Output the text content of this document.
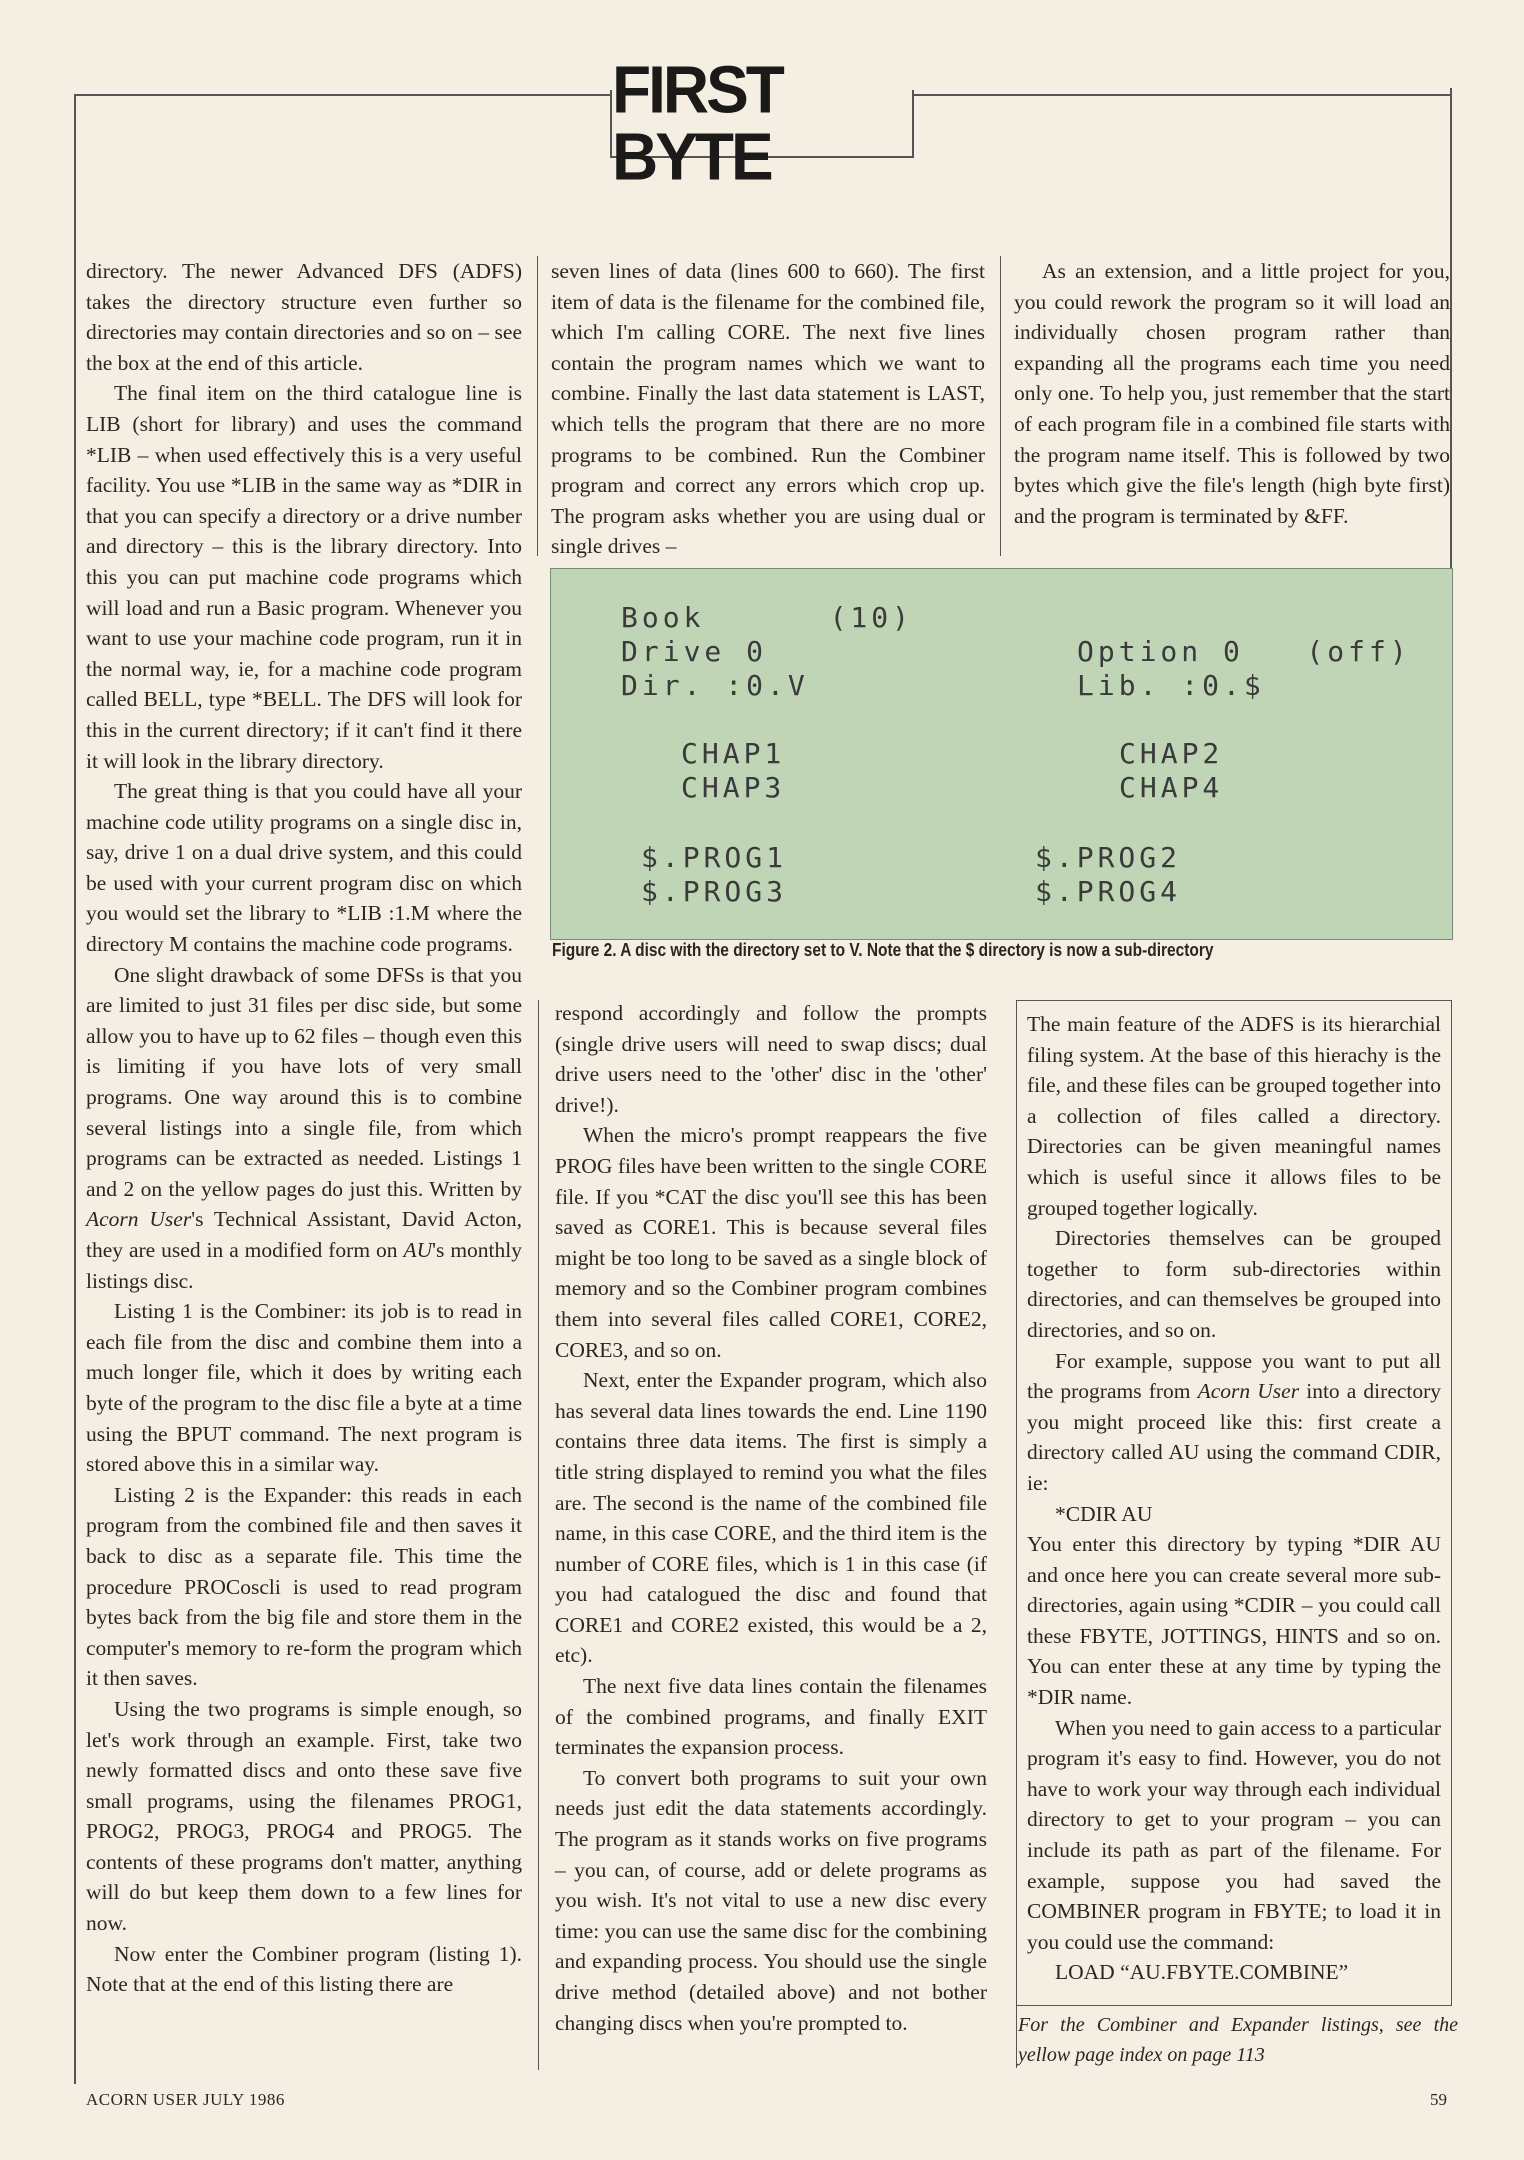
FIRST BYTE

directory. The newer Advanced DFS (ADFS) takes the directory structure even further so directories may contain directories and so on – see the box at the end of this article.

The final item on the third catalogue line is LIB (short for library) and uses the command *LIB – when used effectively this is a very useful facility. You use *LIB in the same way as *DIR in that you can specify a directory or a drive number and directory – this is the library directory. Into this you can put machine code programs which will load and run a Basic program. Whenever you want to use your machine code program, run it in the normal way, ie, for a machine code program called BELL, type *BELL. The DFS will look for this in the current directory; if it can't find it there it will look in the library directory.

The great thing is that you could have all your machine code utility programs on a single disc in, say, drive 1 on a dual drive system, and this could be used with your current program disc on which you would set the library to *LIB :1.M where the directory M contains the machine code programs.

One slight drawback of some DFSs is that you are limited to just 31 files per disc side, but some allow you to have up to 62 files – though even this is limiting if you have lots of very small programs. One way around this is to combine several listings into a single file, from which programs can be extracted as needed. Listings 1 and 2 on the yellow pages do just this. Written by Acorn User's Technical Assistant, David Acton, they are used in a modified form on AU's monthly listings disc.

Listing 1 is the Combiner: its job is to read in each file from the disc and combine them into a much longer file, which it does by writing each byte of the program to the disc file a byte at a time using the BPUT command. The next program is stored above this in a similar way.

Listing 2 is the Expander: this reads in each program from the combined file and then saves it back to disc as a separate file. This time the procedure PROCoscli is used to read program bytes back from the big file and store them in the computer's memory to re-form the program which it then saves.

Using the two programs is simple enough, so let's work through an example. First, take two newly formatted discs and onto these save five small programs, using the filenames PROG1, PROG2, PROG3, PROG4 and PROG5. The contents of these programs don't matter, anything will do but keep them down to a few lines for now.

Now enter the Combiner program (listing 1). Note that at the end of this listing there are

seven lines of data (lines 600 to 660). The first item of data is the filename for the combined file, which I'm calling CORE. The next five lines contain the program names which we want to combine. Finally the last data statement is LAST, which tells the program that there are no more programs to be combined. Run the Combiner program and correct any errors which crop up. The program asks whether you are using dual or single drives –

As an extension, and a little project for you, you could rework the program so it will load an individually chosen program rather than expanding all the programs each time you need only one. To help you, just remember that the start of each program file in a combined file starts with the program name itself. This is followed by two bytes which give the file's length (high byte first) and the program is terminated by &FF.

Book      (10)
Drive 0	Option 0   (off)
Dir. :0.V	Lib. :0.$
CHAP1	CHAP2
CHAP3	CHAP4
$.PROG1	$.PROG2
$.PROG3	$.PROG4
Figure 2. A disc with the directory set to V. Note that the $ directory is now a sub-directory

respond accordingly and follow the prompts (single drive users will need to swap discs; dual drive users need to the 'other' disc in the 'other' drive!).

When the micro's prompt reappears the five PROG files have been written to the single CORE file. If you *CAT the disc you'll see this has been saved as CORE1. This is because several files might be too long to be saved as a single block of memory and so the Combiner program combines them into several files called CORE1, CORE2, CORE3, and so on.

Next, enter the Expander program, which also has several data lines towards the end. Line 1190 contains three data items. The first is simply a title string displayed to remind you what the files are. The second is the name of the combined file name, in this case CORE, and the third item is the number of CORE files, which is 1 in this case (if you had catalogued the disc and found that CORE1 and CORE2 existed, this would be a 2, etc).

The next five data lines contain the filenames of the combined programs, and finally EXIT terminates the expansion process.

To convert both programs to suit your own needs just edit the data statements accordingly. The program as it stands works on five programs – you can, of course, add or delete programs as you wish. It's not vital to use a new disc every time: you can use the same disc for the combining and expanding process. You should use the single drive method (detailed above) and not bother changing discs when you're prompted to.

The main feature of the ADFS is its hierarchial filing system. At the base of this hierachy is the file, and these files can be grouped together into a collection of files called a directory. Directories can be given meaningful names which is useful since it allows files to be grouped together logically.

Directories themselves can be grouped together to form sub-directories within directories, and can themselves be grouped into directories, and so on.

For example, suppose you want to put all the programs from Acorn User into a directory you might proceed like this: first create a directory called AU using the command CDIR, ie:

*CDIR AU

You enter this directory by typing *DIR AU and once here you can create several more sub-directories, again using *CDIR – you could call these FBYTE, JOTTINGS, HINTS and so on. You can enter these at any time by typing the *DIR name.

When you need to gain access to a particular program it's easy to find. However, you do not have to work your way through each individual directory to get to your program – you can include its path as part of the filename. For example, suppose you had saved the COMBINER program in FBYTE; to load it in you could use the command:

LOAD “AU.FBYTE.COMBINE”

For the Combiner and Expander listings, see the yellow page index on page 113
ACORN USER JULY 1986	59
